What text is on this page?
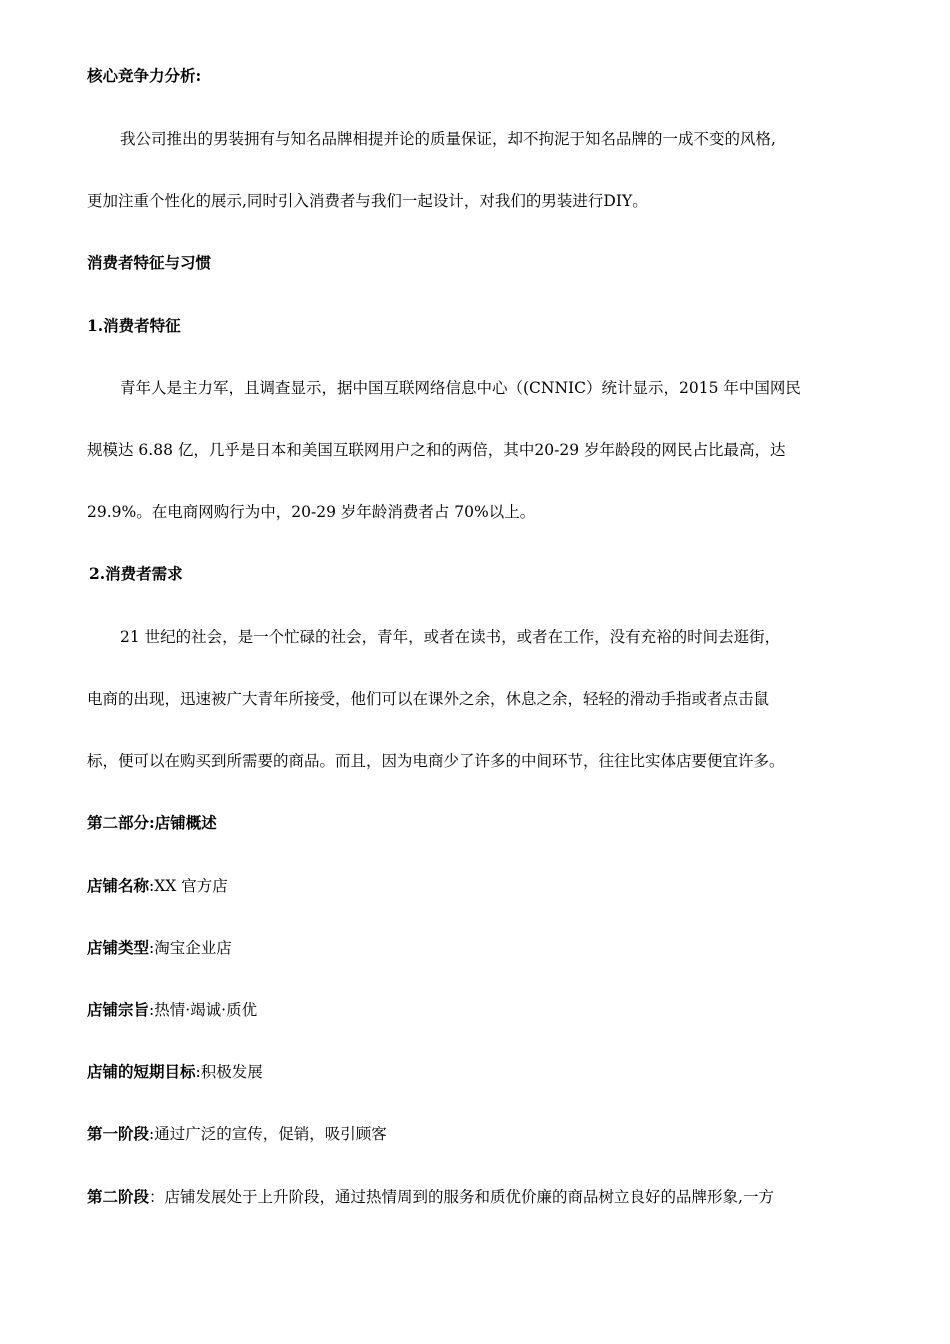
核心竞争力分析:
我公司推出的男装拥有与知名品牌相提并论的质量保证，却不拘泥于知名品牌的一成不变的风格,
更加注重个性化的展示,同时引入消费者与我们一起设计，对我们的男装进行DIY。
消费者特征与习惯
1.消费者特征
青年人是主力军，且调查显示，据中国互联网络信息中心（(CNNIC）统计显示，2015 年中国网民
规模达 6.88 亿，几乎是日本和美国互联网用户之和的两倍，其中20-29 岁年龄段的网民占比最高，达
29.9%。在电商网购行为中，20-29 岁年龄消费者占 70%以上。
2.消费者需求
21 世纪的社会，是一个忙碌的社会，青年，或者在读书，或者在工作，没有充裕的时间去逛街，
电商的出现，迅速被广大青年所接受，他们可以在课外之余，休息之余，轻轻的滑动手指或者点击鼠
标，便可以在购买到所需要的商品。而且，因为电商少了许多的中间环节，往往比实体店要便宜许多。
第二部分:店铺概述
店铺名称:XX 官方店
店铺类型:淘宝企业店
店铺宗旨:热情·竭诚·质优
店铺的短期目标:积极发展
第一阶段:通过广泛的宣传，促销，吸引顾客
第二阶段：店铺发展处于上升阶段，通过热情周到的服务和质优价廉的商品树立良好的品牌形象,一方
